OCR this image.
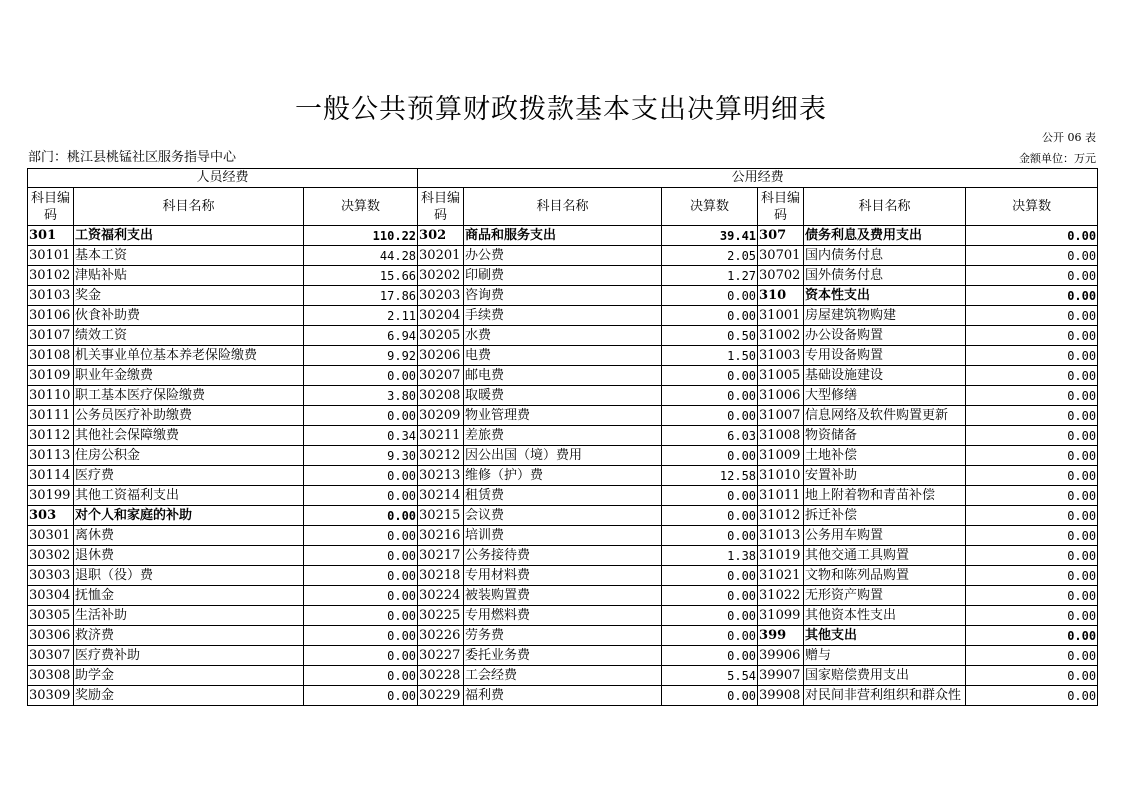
一般公共预算财政拨款基本支出决算明细表
公开 06 表
部门：桃江县桃锰社区服务指导中心	金额单位：万元
人员经费			公用经费					
科目编码	科目名称	决算数	科目编码	科目名称	决算数	科目编码	科目名称	决算数
301	工资福利支出	110.22	302	商品和服务支出	39.41	307	债务利息及费用支出	0.00
30101	基本工资	44.28	30201	办公费	2.05	30701	国内债务付息	0.00
30102	津贴补贴	15.66	30202	印刷费	1.27	30702	国外债务付息	0.00
30103	奖金	17.86	30203	咨询费	0.00	310	资本性支出	0.00
30106	伙食补助费	2.11	30204	手续费	0.00	31001	房屋建筑物购建	0.00
30107	绩效工资	6.94	30205	水费	0.50	31002	办公设备购置	0.00
30108	机关事业单位基本养老保险缴费	9.92	30206	电费	1.50	31003	专用设备购置	0.00
30109	职业年金缴费	0.00	30207	邮电费	0.00	31005	基础设施建设	0.00
30110	职工基本医疗保险缴费	3.80	30208	取暖费	0.00	31006	大型修缮	0.00
30111	公务员医疗补助缴费	0.00	30209	物业管理费	0.00	31007	信息网络及软件购置更新	0.00
30112	其他社会保障缴费	0.34	30211	差旅费	6.03	31008	物资储备	0.00
30113	住房公积金	9.30	30212	因公出国（境）费用	0.00	31009	土地补偿	0.00
30114	医疗费	0.00	30213	维修（护）费	12.58	31010	安置补助	0.00
30199	其他工资福利支出	0.00	30214	租赁费	0.00	31011	地上附着物和青苗补偿	0.00
303	对个人和家庭的补助	0.00	30215	会议费	0.00	31012	拆迁补偿	0.00
30301	离休费	0.00	30216	培训费	0.00	31013	公务用车购置	0.00
30302	退休费	0.00	30217	公务接待费	1.38	31019	其他交通工具购置	0.00
30303	退职（役）费	0.00	30218	专用材料费	0.00	31021	文物和陈列品购置	0.00
30304	抚恤金	0.00	30224	被装购置费	0.00	31022	无形资产购置	0.00
30305	生活补助	0.00	30225	专用燃料费	0.00	31099	其他资本性支出	0.00
30306	救济费	0.00	30226	劳务费	0.00	399	其他支出	0.00
30307	医疗费补助	0.00	30227	委托业务费	0.00	39906	赠与	0.00
30308	助学金	0.00	30228	工会经费	5.54	39907	国家赔偿费用支出	0.00
30309	奖励金	0.00	30229	福利费	0.00	39908	对民间非营利组织和群众性	0.00
